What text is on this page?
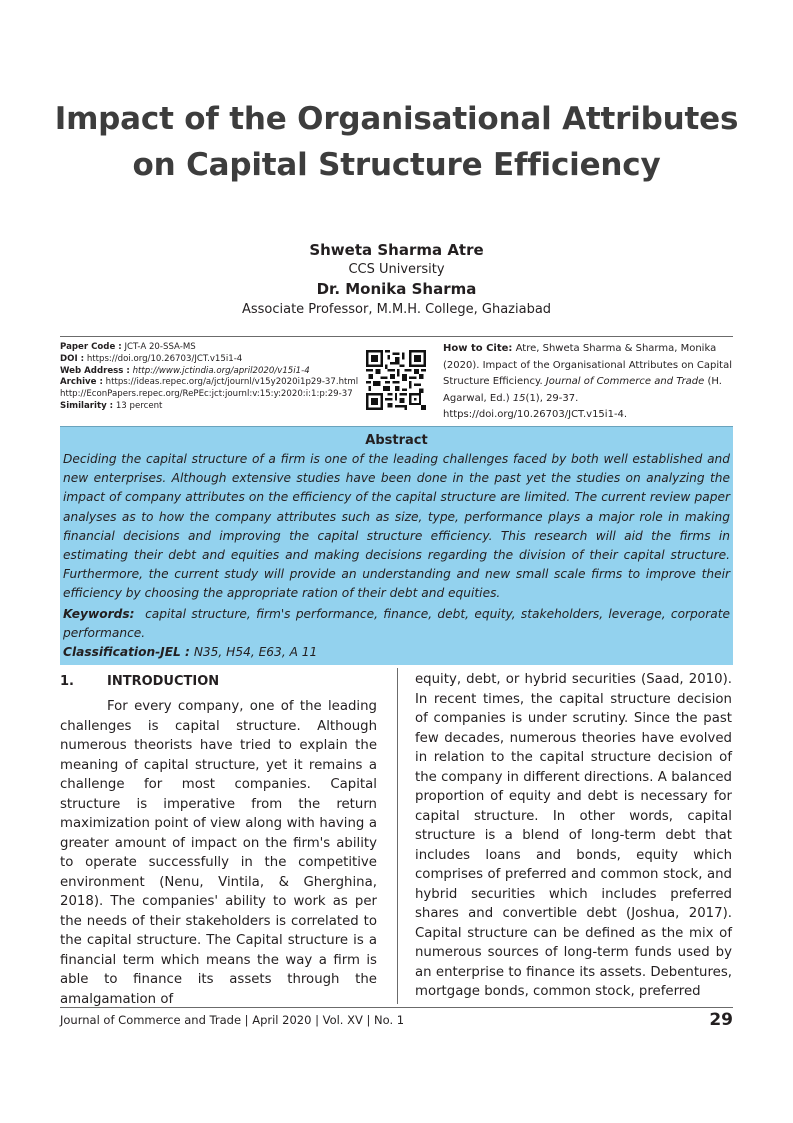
Impact of the Organisational Attributes on Capital Structure Efficiency
Shweta Sharma Atre
CCS University
Dr. Monika Sharma
Associate Professor, M.M.H. College, Ghaziabad
Paper Code : JCT-A 20-SSA-MS
DOI : https://doi.org/10.26703/JCT.v15i1-4
Web Address : http://www.jctindia.org/april2020/v15i1-4
Archive : https://ideas.repec.org/a/jct/journl/v15y2020i1p29-37.html
http://EconPapers.repec.org/RePEc:jct:journl:v:15:y:2020:i:1:p:29-37
Similarity : 13 percent
How to Cite: Atre, Shweta Sharma & Sharma, Monika (2020). Impact of the Organisational Attributes on Capital Structure Efficiency. Journal of Commerce and Trade (H. Agarwal, Ed.) 15(1), 29-37. https://doi.org/10.26703/JCT.v15i1-4.
Abstract
Deciding the capital structure of a firm is one of the leading challenges faced by both well established and new enterprises. Although extensive studies have been done in the past yet the studies on analyzing the impact of company attributes on the efficiency of the capital structure are limited. The current review paper analyses as to how the company attributes such as size, type, performance plays a major role in making financial decisions and improving the capital structure efficiency. This research will aid the firms in estimating their debt and equities and making decisions regarding the division of their capital structure. Furthermore, the current study will provide an understanding and new small scale firms to improve their efficiency by choosing the appropriate ration of their debt and equities.
Keywords: capital structure, firm's performance, finance, debt, equity, stakeholders, leverage, corporate performance.
Classification-JEL : N35, H54, E63, A 11
1.	INTRODUCTION
For every company, one of the leading challenges is capital structure. Although numerous theorists have tried to explain the meaning of capital structure, yet it remains a challenge for most companies. Capital structure is imperative from the return maximization point of view along with having a greater amount of impact on the firm's ability to operate successfully in the competitive environment (Nenu, Vintila, & Gherghina, 2018). The companies' ability to work as per the needs of their stakeholders is correlated to the capital structure. The Capital structure is a financial term which means the way a firm is able to finance its assets through the amalgamation of
equity, debt, or hybrid securities (Saad, 2010). In recent times, the capital structure decision of companies is under scrutiny. Since the past few decades, numerous theories have evolved in relation to the capital structure decision of the company in different directions. A balanced proportion of equity and debt is necessary for capital structure. In other words, capital structure is a blend of long-term debt that includes loans and bonds, equity which comprises of preferred and common stock, and hybrid securities which includes preferred shares and convertible debt (Joshua, 2017). Capital structure can be defined as the mix of numerous sources of long-term funds used by an enterprise to finance its assets. Debentures, mortgage bonds, common stock, preferred
Journal of Commerce and Trade | April 2020 | Vol. XV | No. 1	29
